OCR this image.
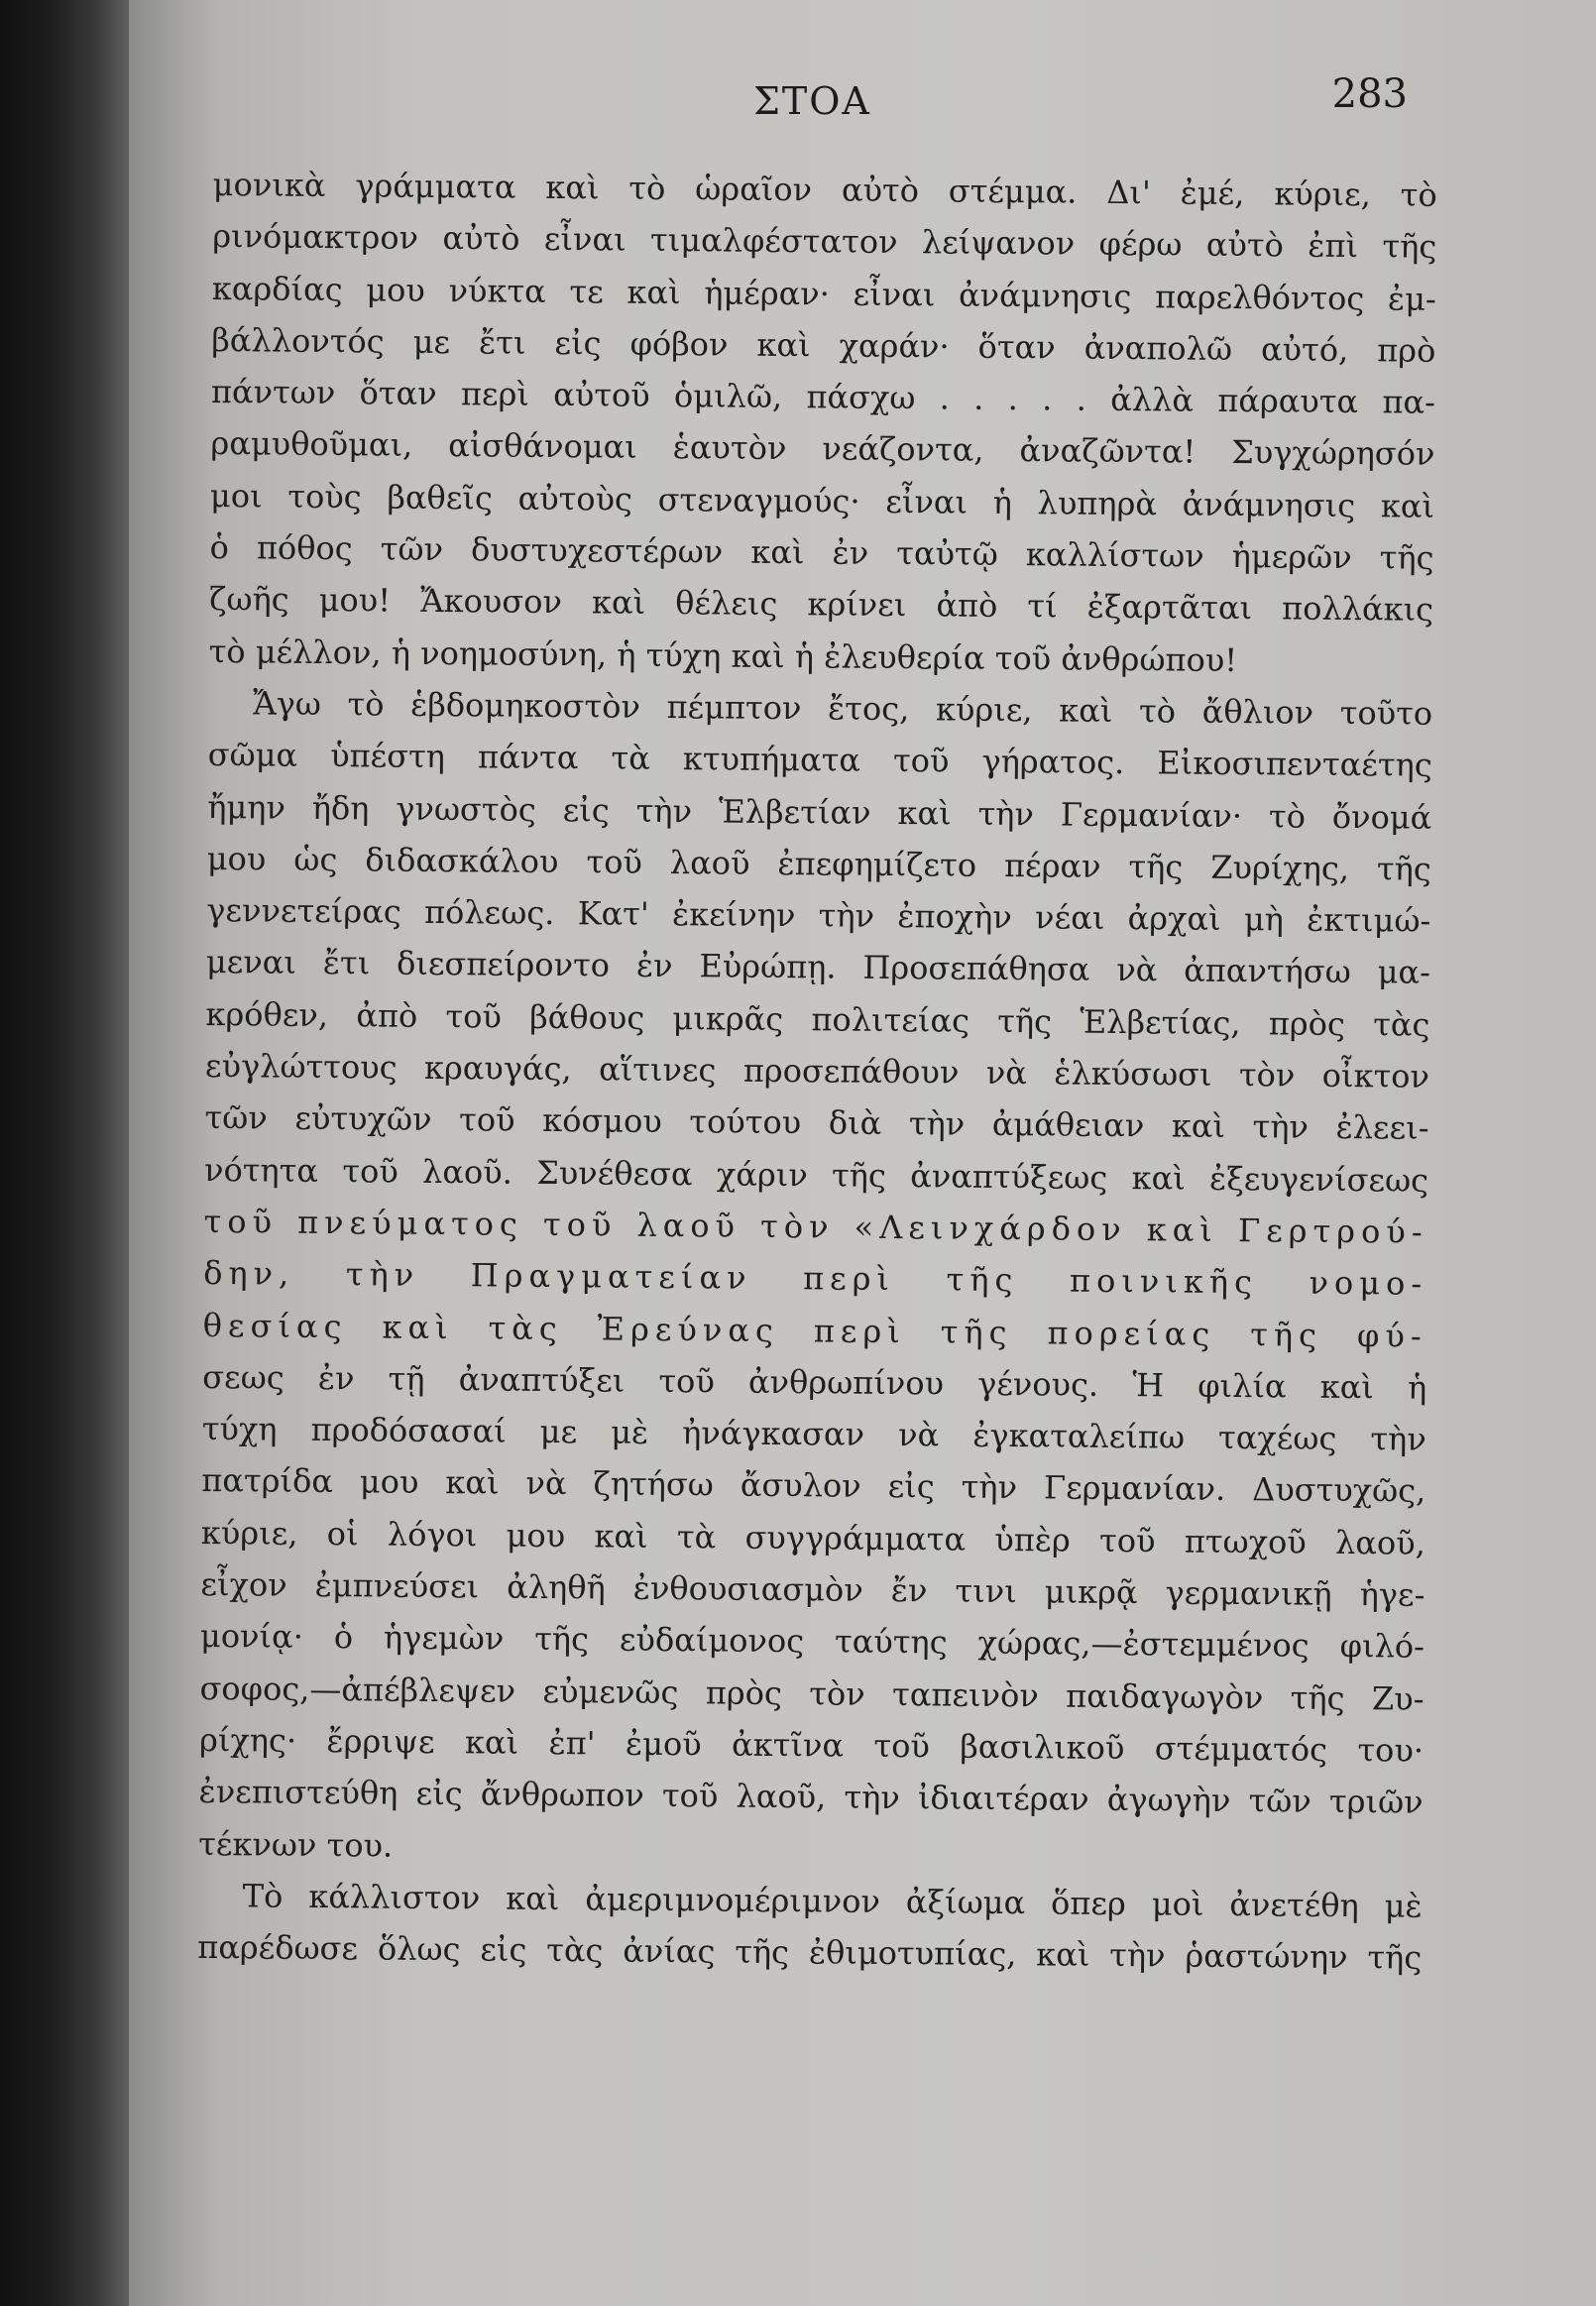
ΣΤΟΑ	283
μονικὰ γράμματα καὶ τὸ ὡραῖον αὐτὸ στέμμα. Δι' ἐμέ, κύριε, τὸ
ρινόμακτρον αὐτὸ εἶναι τιμαλφέστατον λείψανον φέρω αὐτὸ ἐπὶ τῆς
καρδίας μου νύκτα τε καὶ ἡμέραν· εἶναι ἀνάμνησις παρελθόντος ἐμ-
βάλλοντός με ἔτι εἰς φόβον καὶ χαράν· ὅταν ἀναπολῶ αὐτό, πρὸ
πάντων ὅταν περὶ αὐτοῦ ὁμιλῶ, πάσχω . . . . . ἀλλὰ πάραυτα πα-
ραμυθοῦμαι, αἰσθάνομαι ἑαυτὸν νεάζοντα, ἀναζῶντα! Συγχώρησόν
μοι τοὺς βαθεῖς αὐτοὺς στεναγμούς· εἶναι ἡ λυπηρὰ ἀνάμνησις καὶ
ὁ πόθος τῶν δυστυχεστέρων καὶ ἐν ταὐτῷ καλλίστων ἡμερῶν τῆς
ζωῆς μου! Ἄκουσον καὶ θέλεις κρίνει ἀπὸ τί ἐξαρτᾶται πολλάκις
τὸ μέλλον, ἡ νοημοσύνη, ἡ τύχη καὶ ἡ ἐλευθερία τοῦ ἀνθρώπου!
Ἄγω τὸ ἑβδομηκοστὸν πέμπτον ἔτος, κύριε, καὶ τὸ ἄθλιον τοῦτο
σῶμα ὑπέστη πάντα τὰ κτυπήματα τοῦ γήρατος. Εἰκοσιπενταέτης
ἤμην ἤδη γνωστὸς εἰς τὴν Ἑλβετίαν καὶ τὴν Γερμανίαν· τὸ ὄνομά
μου ὡς διδασκάλου τοῦ λαοῦ ἐπεφημίζετο πέραν τῆς Ζυρίχης, τῆς
γεννετείρας πόλεως. Κατ' ἐκείνην τὴν ἐποχὴν νέαι ἀρχαὶ μὴ ἐκτιμώ-
μεναι ἔτι διεσπείροντο ἐν Εὐρώπῃ. Προσεπάθησα νὰ ἀπαντήσω μα-
κρόθεν, ἀπὸ τοῦ βάθους μικρᾶς πολιτείας τῆς Ἑλβετίας, πρὸς τὰς
εὐγλώττους κραυγάς, αἵτινες προσεπάθουν νὰ ἑλκύσωσι τὸν οἶκτον
τῶν εὐτυχῶν τοῦ κόσμου τούτου διὰ τὴν ἀμάθειαν καὶ τὴν ἐλεει-
νότητα τοῦ λαοῦ. Συνέθεσα χάριν τῆς ἀναπτύξεως καὶ ἐξευγενίσεως
τοῦ πνεύματος τοῦ λαοῦ τὸν «Λεινχάρδον καὶ Γερτρού-
δην, τὴν Πραγματείαν περὶ τῆς ποινικῆς νομο-
θεσίας καὶ τὰς Ἐρεύνας περὶ τῆς πορείας τῆς φύ-
σεως ἐν τῇ ἀναπτύξει τοῦ ἀνθρωπίνου γένους. Ἡ φιλία καὶ ἡ
τύχη προδόσασαί με μὲ ἠνάγκασαν νὰ ἐγκαταλείπω ταχέως τὴν
πατρίδα μου καὶ νὰ ζητήσω ἄσυλον εἰς τὴν Γερμανίαν. Δυστυχῶς,
κύριε, οἱ λόγοι μου καὶ τὰ συγγράμματα ὑπὲρ τοῦ πτωχοῦ λαοῦ,
εἶχον ἐμπνεύσει ἀληθῆ ἐνθουσιασμὸν ἔν τινι μικρᾷ γερμανικῇ ἡγε-
μονίᾳ· ὁ ἡγεμὼν τῆς εὐδαίμονος ταύτης χώρας,—ἐστεμμένος φιλό-
σοφος,—ἀπέβλεψεν εὐμενῶς πρὸς τὸν ταπεινὸν παιδαγωγὸν τῆς Ζυ-
ρίχης· ἔρριψε καὶ ἐπ' ἐμοῦ ἀκτῖνα τοῦ βασιλικοῦ στέμματός του·
ἐνεπιστεύθη εἰς ἄνθρωπον τοῦ λαοῦ, τὴν ἰδιαιτέραν ἀγωγὴν τῶν τριῶν
τέκνων του.
Τὸ κάλλιστον καὶ ἀμεριμνομέριμνον ἀξίωμα ὅπερ μοὶ ἀνετέθη μὲ
παρέδωσε ὅλως εἰς τὰς ἀνίας τῆς ἐθιμοτυπίας, καὶ τὴν ῥαστώνην τῆς
